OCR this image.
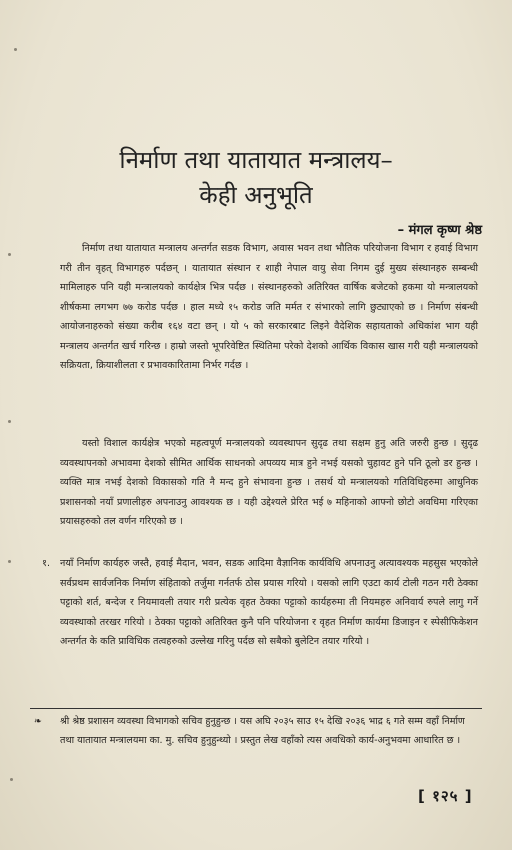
निर्माण तथा यातायात मन्त्रालय–
केही अनुभूति
– मंगल कृष्ण श्रेष्ठ
निर्माण तथा यातायात मन्त्रालय अन्तर्गत सडक विभाग, अवास भवन तथा भौतिक परियोजना विभाग र हवाई विभाग गरी तीन वृहत् विभागहरु पर्दछन् । यातायात संस्थान र शाही नेपाल वायु सेवा निगम दुई मुख्य संस्थानहरु सम्बन्धी मामिलाहरु पनि यही मन्त्रालयको कार्यक्षेत्र भित्र पर्दछ । संस्थानहरुको अतिरिक्त वार्षिक बजेटको हकमा यो मन्त्रालयको शीर्षकमा लगभग ७७ करोड पर्दछ । हाल मध्ये १५ करोड जति मर्मत र संभारको लागि छुट्याएको छ । निर्माण संबन्धी आयोजनाहरुको संख्या करीब १६४ वटा छन् । यो ५ को सरकारबाट लिइने वैदेशिक सहायताको अधिकांश भाग यही मन्त्रालय अन्तर्गत खर्च गरिन्छ । हाम्रो जस्तो भूपरिवेष्टित स्थितिमा परेको देशको आर्थिक विकास खास गरी यही मन्त्रालयको सक्रियता, क्रियाशीलता र प्रभावकारितामा निर्भर गर्दछ ।
यस्तो विशाल कार्यक्षेत्र भएको महत्वपूर्ण मन्त्रालयको व्यवस्थापन सुदृढ तथा सक्षम हुनु अति जरुरी हुन्छ । सुदृढ व्यवस्थापनको अभावमा देशको सीमित आर्थिक साधनको अपव्यय मात्र हुने नभई यसको चुहावट हुने पनि ठूलो डर हुन्छ । व्यक्ति मात्र नभई देशको विकासको गति नै मन्द हुने संभावना हुन्छ । तसर्थ यो मन्त्रालयको गतिविधिहरुमा आधुनिक प्रशासनको नयाँ प्रणालीहरु अपनाउनु आवश्यक छ । यही उद्देश्यले प्रेरित भई ७ महिनाको आफ्नो छोटो अवधिमा गरिएका प्रयासहरुको तल वर्णन गरिएको छ ।
१. नयाँ निर्माण कार्यहरु जस्तै, हवाई मैदान, भवन, सडक आदिमा वैज्ञानिक कार्यविधि अपनाउनु अत्यावश्यक महसुस भएकोले सर्वप्रथम सार्वजनिक निर्माण संहिताको तर्जुमा गर्नतर्फ ठोस प्रयास गरियो । यसको लागि एउटा कार्य टोली गठन गरी ठेक्का पट्टाको शर्त, बन्देज र नियमावली तयार गरी प्रत्येक वृहत ठेक्का पट्टाको कार्यहरुमा ती नियमहरु अनिवार्य रुपले लागु गर्ने व्यवस्थाको तरखर गरियो । ठेक्का पट्टाको अतिरिक्त कुनै पनि परियोजना र वृहत निर्माण कार्यमा डिजाइन र स्पेसीफिकेशन अन्तर्गत के कति प्राविधिक तत्वहरुको उल्लेख गरिनु पर्दछ सो सबैको बुलेटिन तयार गरियो ।
❧ श्री श्रेष्ठ प्रशासन व्यवस्था विभागको सचिव हुनुहुन्छ । यस अघि २०३५ साउ १५ देखि २०३६ भाद्र ६ गते सम्म वहाँ निर्माण तथा यातायात मन्त्रालयमा का. मु. सचिव हुनुहुन्थ्यो । प्रस्तुत लेख वहाँको त्यस अवधिको कार्य-अनुभवमा आधारित छ ।
[ १२५ ]
